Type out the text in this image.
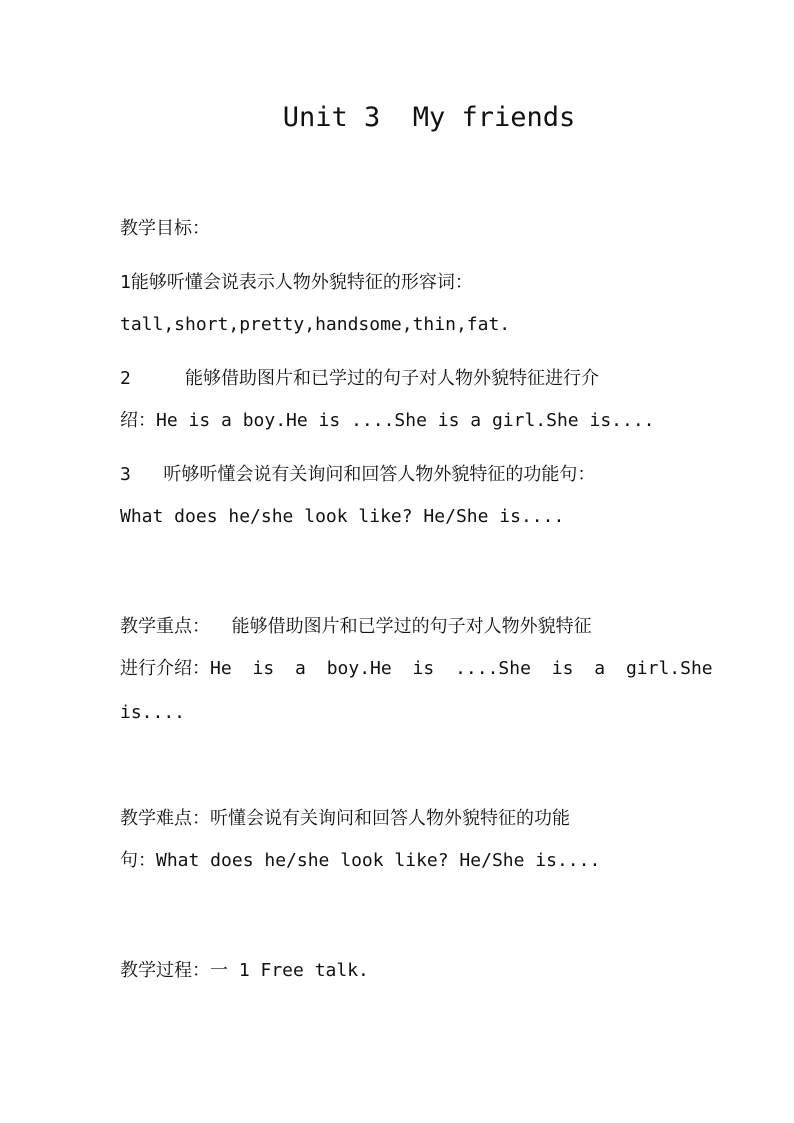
Unit 3  My friends
教学目标：
1能够听懂会说表示人物外貌特征的形容词：
tall,short,pretty,handsome,thin,fat.
2     能够借助图片和已学过的句子对人物外貌特征进行介
绍：He is a boy.He is ....She is a girl.She is....
3   听够听懂会说有关询问和回答人物外貌特征的功能句：
What does he/she look like? He/She is....
教学重点：  能够借助图片和已学过的句子对人物外貌特征
进行介绍：He is a boy.He is ....She is a girl.She
is....
教学难点：听懂会说有关询问和回答人物外貌特征的功能
句：What does he/she look like? He/She is....
教学过程：一 1 Free talk.
